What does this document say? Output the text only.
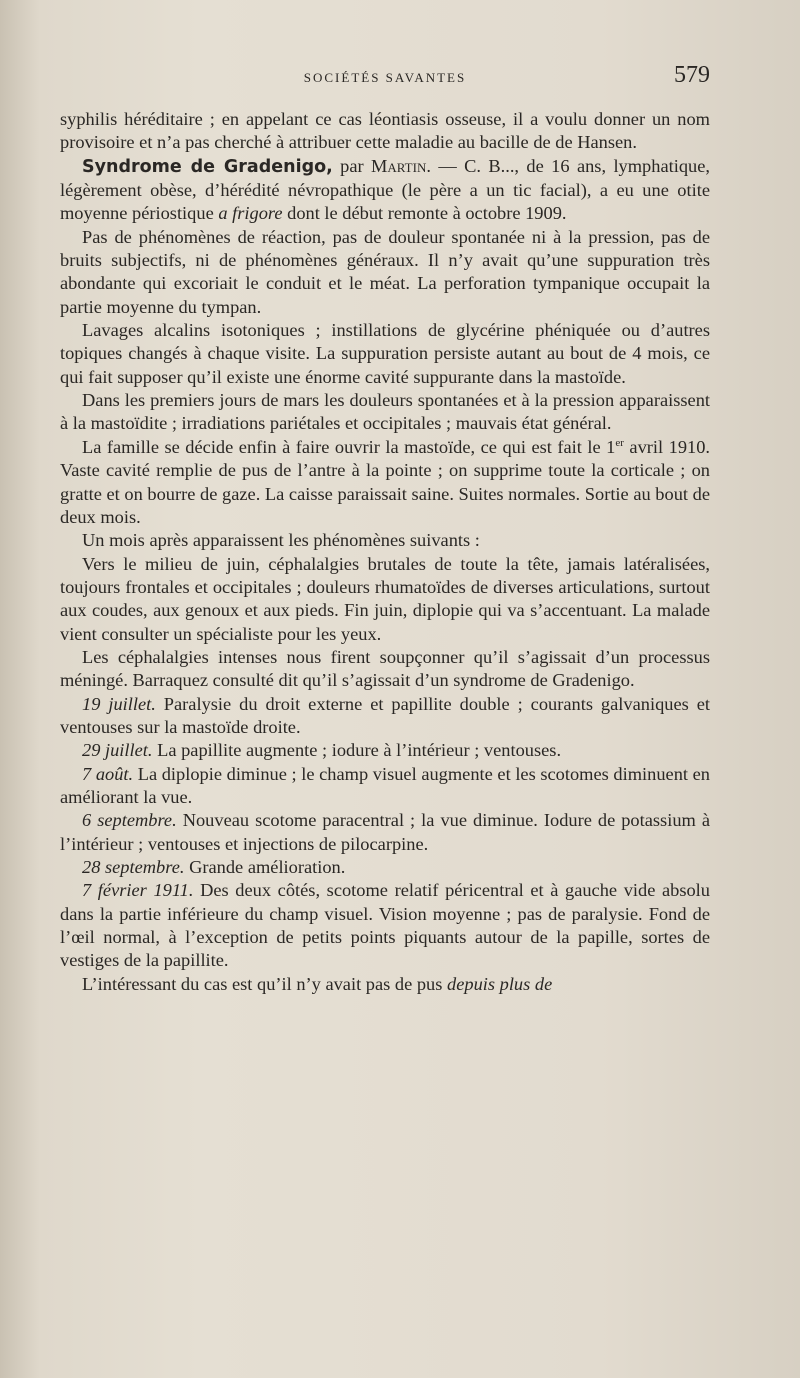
SOCIÉTÉS SAVANTES	579

syphilis héréditaire ; en appelant ce cas léontiasis osseuse, il a voulu donner un nom provisoire et n’a pas cherché à attribuer cette maladie au bacille de de Hansen.

Syndrome de Gradenigo, par Martin. — C. B..., de 16 ans, lymphatique, légèrement obèse, d’hérédité névropathique (le père a un tic facial), a eu une otite moyenne périostique a frigore dont le début remonte à octobre 1909.

Pas de phénomènes de réaction, pas de douleur spontanée ni à la pression, pas de bruits subjectifs, ni de phénomènes généraux. Il n’y avait qu’une suppuration très abondante qui excoriait le conduit et le méat. La perforation tympanique occupait la partie moyenne du tympan.

Lavages alcalins isotoniques ; instillations de glycérine phéniquée ou d’autres topiques changés à chaque visite. La suppuration persiste autant au bout de 4 mois, ce qui fait supposer qu’il existe une énorme cavité suppurante dans la mastoïde.

Dans les premiers jours de mars les douleurs spontanées et à la pression apparaissent à la mastoïdite ; irradiations pariétales et occipitales ; mauvais état général.

La famille se décide enfin à faire ouvrir la mastoïde, ce qui est fait le 1er avril 1910. Vaste cavité remplie de pus de l’antre à la pointe ; on supprime toute la corticale ; on gratte et on bourre de gaze. La caisse paraissait saine. Suites normales. Sortie au bout de deux mois.

Un mois après apparaissent les phénomènes suivants :

Vers le milieu de juin, céphalalgies brutales de toute la tête, jamais latéralisées, toujours frontales et occipitales ; douleurs rhumatoïdes de diverses articulations, surtout aux coudes, aux genoux et aux pieds. Fin juin, diplopie qui va s’accentuant. La malade vient consulter un spécialiste pour les yeux.

Les céphalalgies intenses nous firent soupçonner qu’il s’agissait d’un processus méningé. Barraquez consulté dit qu’il s’agissait d’un syndrome de Gradenigo.

19 juillet. Paralysie du droit externe et papillite double ; courants galvaniques et ventouses sur la mastoïde droite.

29 juillet. La papillite augmente ; iodure à l’intérieur ; ventouses.

7 août. La diplopie diminue ; le champ visuel augmente et les scotomes diminuent en améliorant la vue.

6 septembre. Nouveau scotome paracentral ; la vue diminue. Iodure de potassium à l’intérieur ; ventouses et injections de pilocarpine.

28 septembre. Grande amélioration.

7 février 1911. Des deux côtés, scotome relatif péricentral et à gauche vide absolu dans la partie inférieure du champ visuel. Vision moyenne ; pas de paralysie. Fond de l’œil normal, à l’exception de petits points piquants autour de la papille, sortes de vestiges de la papillite.

L’intéressant du cas est qu’il n’y avait pas de pus depuis plus de
